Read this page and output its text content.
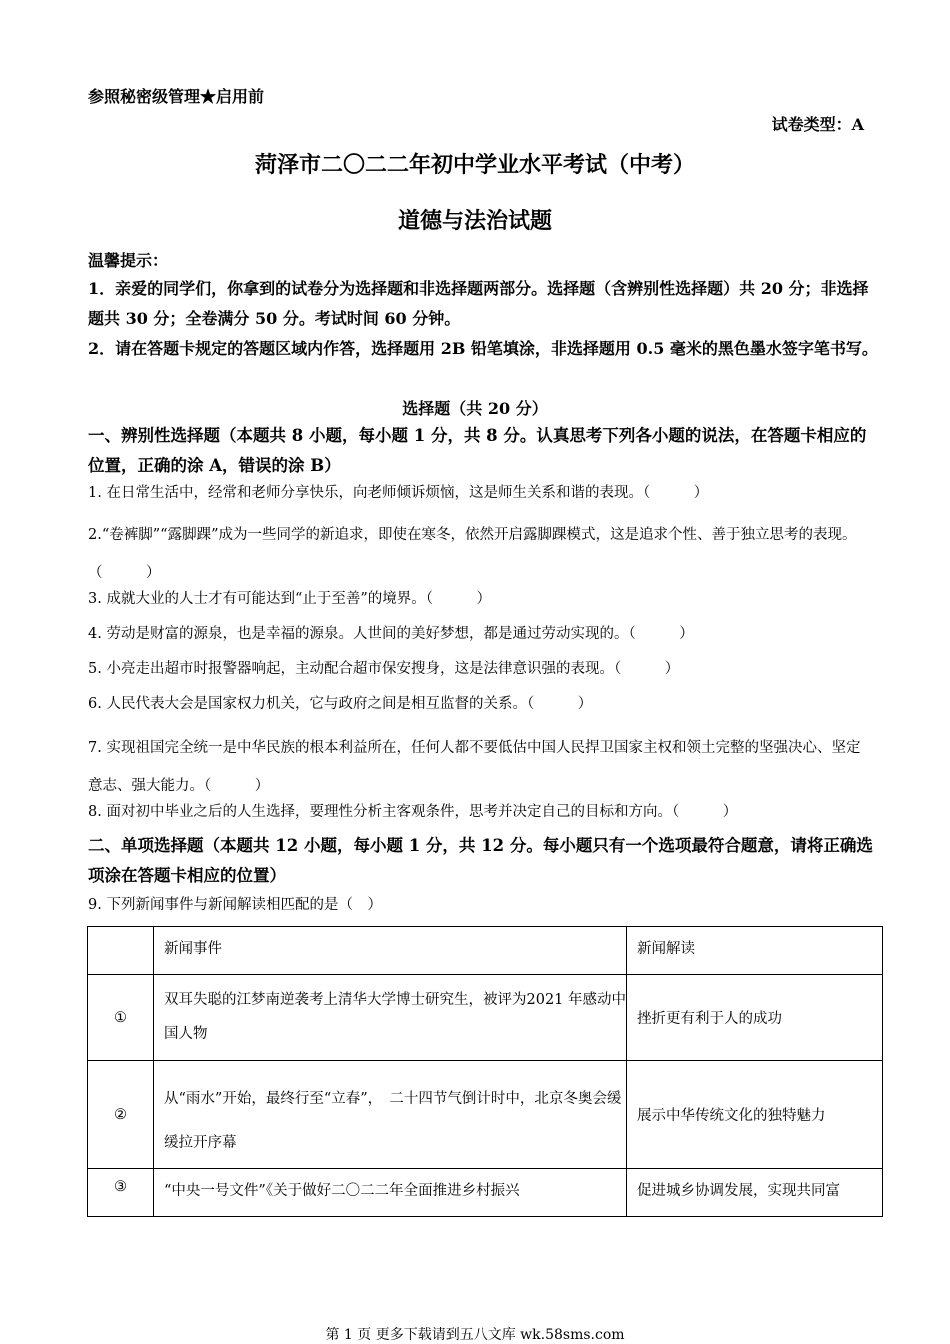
参照秘密级管理★启用前
试卷类型：A
菏泽市二〇二二年初中学业水平考试（中考）
道德与法治试题
温馨提示：
1．亲爱的同学们，你拿到的试卷分为选择题和非选择题两部分。选择题（含辨别性选择题）共 20 分；非选择题共 30 分；全卷满分 50 分。考试时间 60 分钟。
2．请在答题卡规定的答题区域内作答，选择题用 2B 铅笔填涂，非选择题用 0.5 毫米的黑色墨水签字笔书写。
选择题（共 20 分）
一、辨别性选择题（本题共 8 小题，每小题 1 分，共 8 分。认真思考下列各小题的说法，在答题卡相应的位置，正确的涂 A，错误的涂 B）
1. 在日常生活中，经常和老师分享快乐，向老师倾诉烦恼，这是师生关系和谐的表现。（　　　）
2.“卷裤脚”“露脚踝”成为一些同学的新追求，即使在寒冬，依然开启露脚踝模式，这是追求个性、善于独立思考的表现。（　　　）
3. 成就大业的人士才有可能达到“止于至善”的境界。（　　　）
4. 劳动是财富的源泉，也是幸福的源泉。人世间的美好梦想，都是通过劳动实现的。（　　　）
5. 小亮走出超市时报警器响起，主动配合超市保安搜身，这是法律意识强的表现。（　　　）
6. 人民代表大会是国家权力机关，它与政府之间是相互监督的关系。（　　　）
7. 实现祖国完全统一是中华民族的根本利益所在，任何人都不要低估中国人民捍卫国家主权和领土完整的坚强决心、坚定意志、强大能力。（　　　）
8. 面对初中毕业之后的人生选择，要理性分析主客观条件，思考并决定自己的目标和方向。（　　　）
二、单项选择题（本题共 12 小题，每小题 1 分，共 12 分。每小题只有一个选项最符合题意，请将正确选项涂在答题卡相应的位置）
9. 下列新闻事件与新闻解读相匹配的是（　）
	新闻事件	新闻解读
①	双耳失聪的江梦南逆袭考上清华大学博士研究生，被评为2021 年感动中国人物	挫折更有利于人的成功
②	从“雨水”开始，最终行至“立春”，　二十四节气倒计时中，北京冬奥会缓缓拉开序幕	展示中华传统文化的独特魅力
③	“中央一号文件”《关于做好二〇二二年全面推进乡村振兴	促进城乡协调发展，实现共同富
第 1 页 更多下载请到五八文库 wk.58sms.com
